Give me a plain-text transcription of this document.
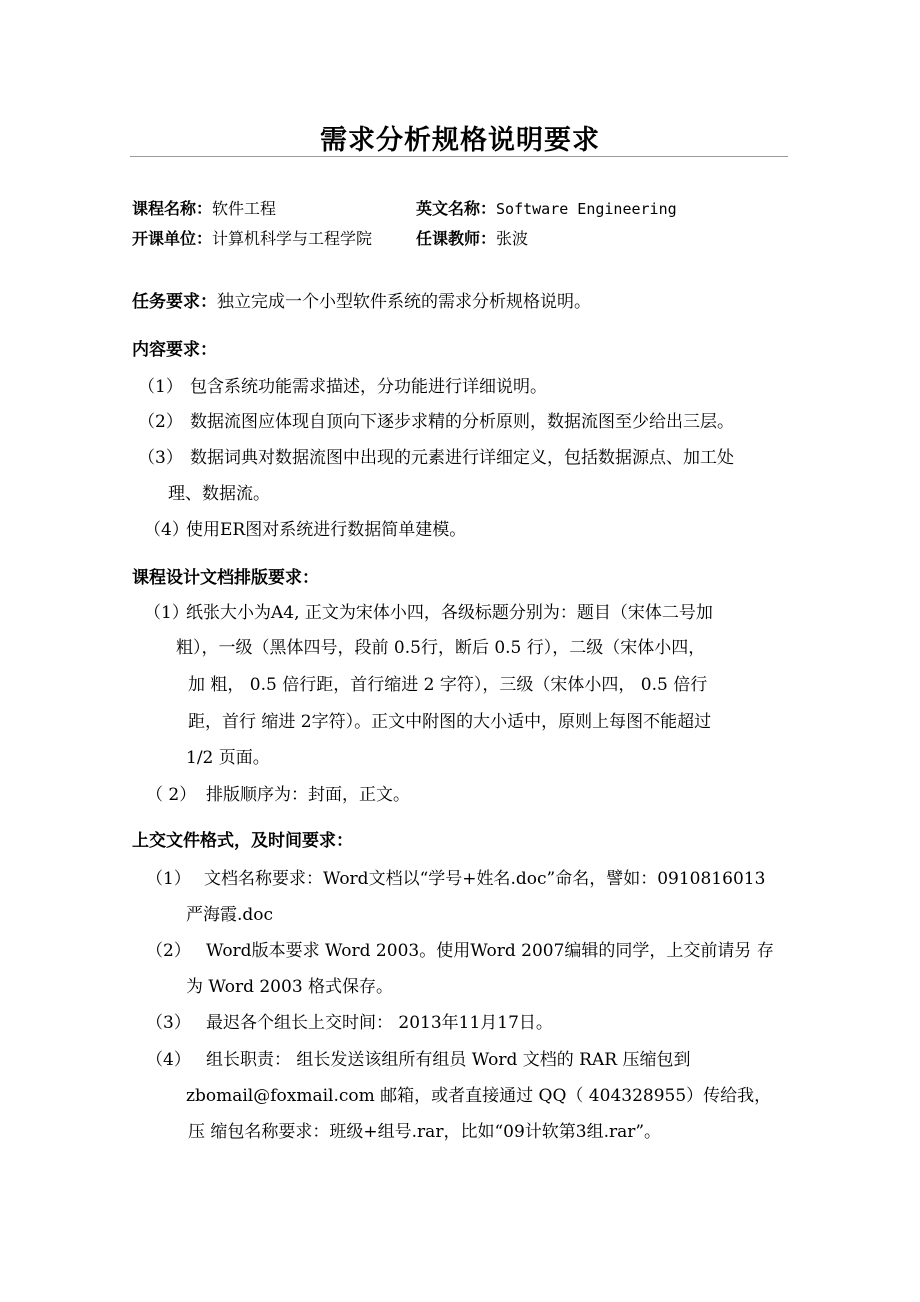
需求分析规格说明要求
课程名称：软件工程	英文名称：Software Engineering
开课单位：计算机科学与工程学院	任课教师：张波
任务要求：独立完成一个小型软件系统的需求分析规格说明。
内容要求：
（1） 包含系统功能需求描述，分功能进行详细说明。
（2） 数据流图应体现自顶向下逐步求精的分析原则，数据流图至少给出三层。
（3） 数据词典对数据流图中出现的元素进行详细定义，包括数据源点、加工处
理、数据流。
（4）
使用ER图对系统进行数据简单建模。
课程设计文档排版要求：
（1）
纸张大小为A4, 正文为宋体小四，各级标题分别为：题目（宋体二号加
粗），一级（黑体四号，段前 0.5行，断后 0.5 行），二级（宋体小四，
加 粗， 0.5 倍行距，首行缩进 2 字符），三级（宋体小四， 0.5 倍行
距，首行 缩进 2字符）。正文中附图的大小适中，原则上每图不能超过
1/2 页面。
（ 2） 排版顺序为：封面，正文。
上交文件格式，及时间要求：
（1） 文档名称要求：Word文档以“学号+姓名.doc”命名，譬如：0910816013
严海霞.doc
（2） Word版本要求 Word 2003。使用Word 2007编辑的同学，上交前请另 存
为 Word 2003 格式保存。
（3） 最迟各个组长上交时间： 2013年11月17日。
（4） 组长职责： 组长发送该组所有组员 Word 文档的 RAR 压缩包到
zbomail@foxmail.com 邮箱，或者直接通过 QQ（ 404328955）传给我，
压 缩包名称要求：班级+组号.rar，比如“09计软第3组.rar”。
